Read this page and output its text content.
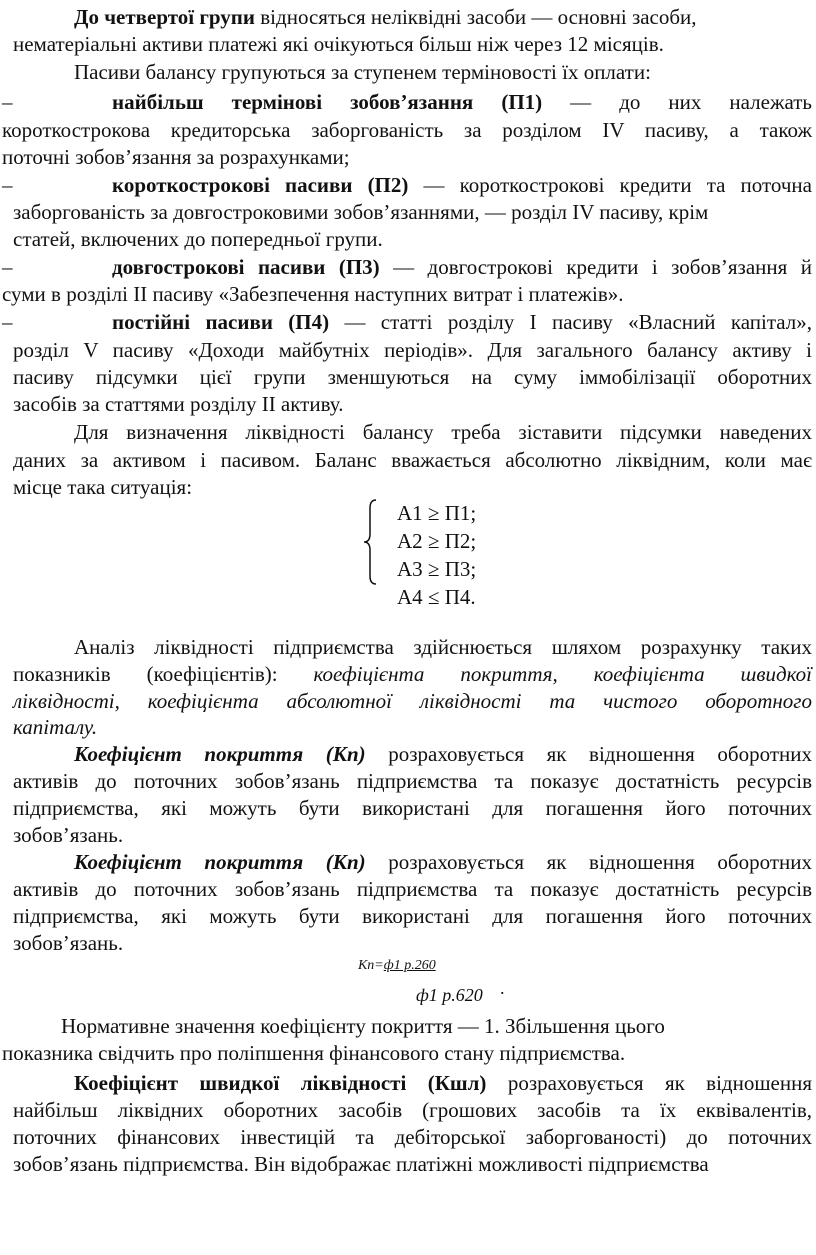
До четвертої групи відносяться неліквідні засоби — основні засоби,
нематеріальні активи платежі які очікуються більш ніж через 12 місяців.
Пасиви балансу групуються за ступенем терміновості їх оплати:
–	найбільш термінові зобов’язання (П1) — до них належать
короткострокова кредиторська заборгованість за розділом IV пасиву, а також
поточні зобов’язання за розрахунками;
–	короткострокові пасиви (П2) — короткострокові кредити та поточна
заборгованість за довгостроковими зобов’язаннями, — розділ IV пасиву, крім
статей, включених до попередньої групи.
–	довгострокові пасиви (П3) — довгострокові кредити і зобов’язання й
суми в розділі II пасиву «Забезпечення наступних витрат і платежів».
–	постійні пасиви (П4) — статті розділу I пасиву «Власний капітал»,
розділ V пасиву «Доходи майбутніх періодів». Для загального балансу активу і
пасиву підсумки цієї групи зменшуються на суму іммобілізації оборотних
засобів за статтями розділу II активу.
Для визначення ліквідності балансу треба зіставити підсумки наведених
даних за активом і пасивом. Баланс вважається абсолютно ліквідним, коли має
місце така ситуація:
А1 ≥ П1;
А2 ≥ П2;
А3 ≥ П3;
А4 ≤ П4.
Аналіз ліквідності підприємства здійснюється шляхом розрахунку таких
показників (коефіцієнтів): коефіцієнта покриття, коефіцієнта швидкої
ліквідності, коефіцієнта абсолютної ліквідності та чистого оборотного
капіталу.
Коефіцієнт покриття (Кп) розраховується як відношення оборотних
активів до поточних зобов’язань підприємства та показує достатність ресурсів
підприємства, які можуть бути використані для погашення його поточних
зобов’язань.
Коефіцієнт покриття (Кп) розраховується як відношення оборотних
активів до поточних зобов’язань підприємства та показує достатність ресурсів
підприємства, які можуть бути використані для погашення його поточних
зобов’язань.
Кп=ф1 р.260
ф1 р.620 .
Нормативне значення коефіцієнту покриття — 1. Збільшення цього
показника свідчить про поліпшення фінансового стану підприємства.
Коефіцієнт швидкої ліквідності (Кшл) розраховується як відношення
найбільш ліквідних оборотних засобів (грошових засобів та їх еквівалентів,
поточних фінансових інвестицій та дебіторської заборгованості) до поточних
зобов’язань підприємства. Він відображає платіжні можливості підприємства
